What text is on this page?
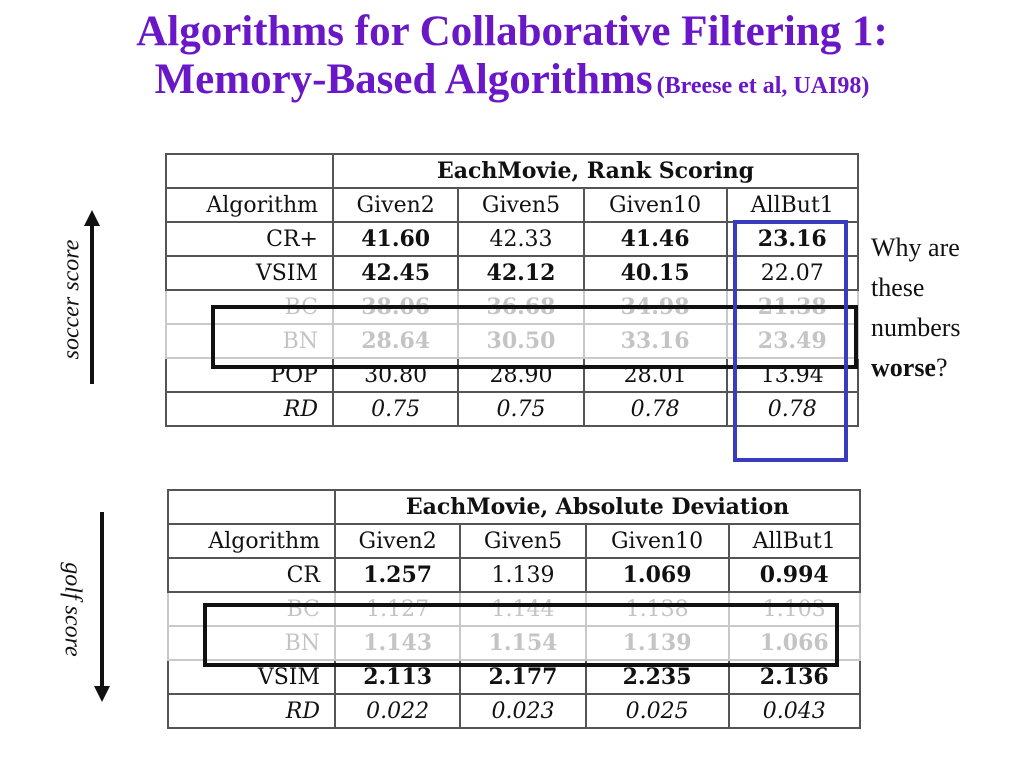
Algorithms for Collaborative Filtering 1:
Memory-Based Algorithms (Breese et al, UAI98)
	EachMovie, Rank Scoring			
Algorithm	Given2	Given5	Given10	AllBut1
CR+	41.60	42.33	41.46	23.16
VSIM	42.45	42.12	40.15	22.07
BC	38.06	36.68	34.98	21.38
BN	28.64	30.50	33.16	23.49
POP	30.80	28.90	28.01	13.94
RD	0.75	0.75	0.78	0.78
	EachMovie, Absolute Deviation			
Algorithm	Given2	Given5	Given10	AllBut1
CR	1.257	1.139	1.069	0.994
BC	1.127	1.144	1.138	1.103
BN	1.143	1.154	1.139	1.066
VSIM	2.113	2.177	2.235	2.136
RD	0.022	0.023	0.025	0.043
soccer score
golf score
Why are
these
numbers
worse?
